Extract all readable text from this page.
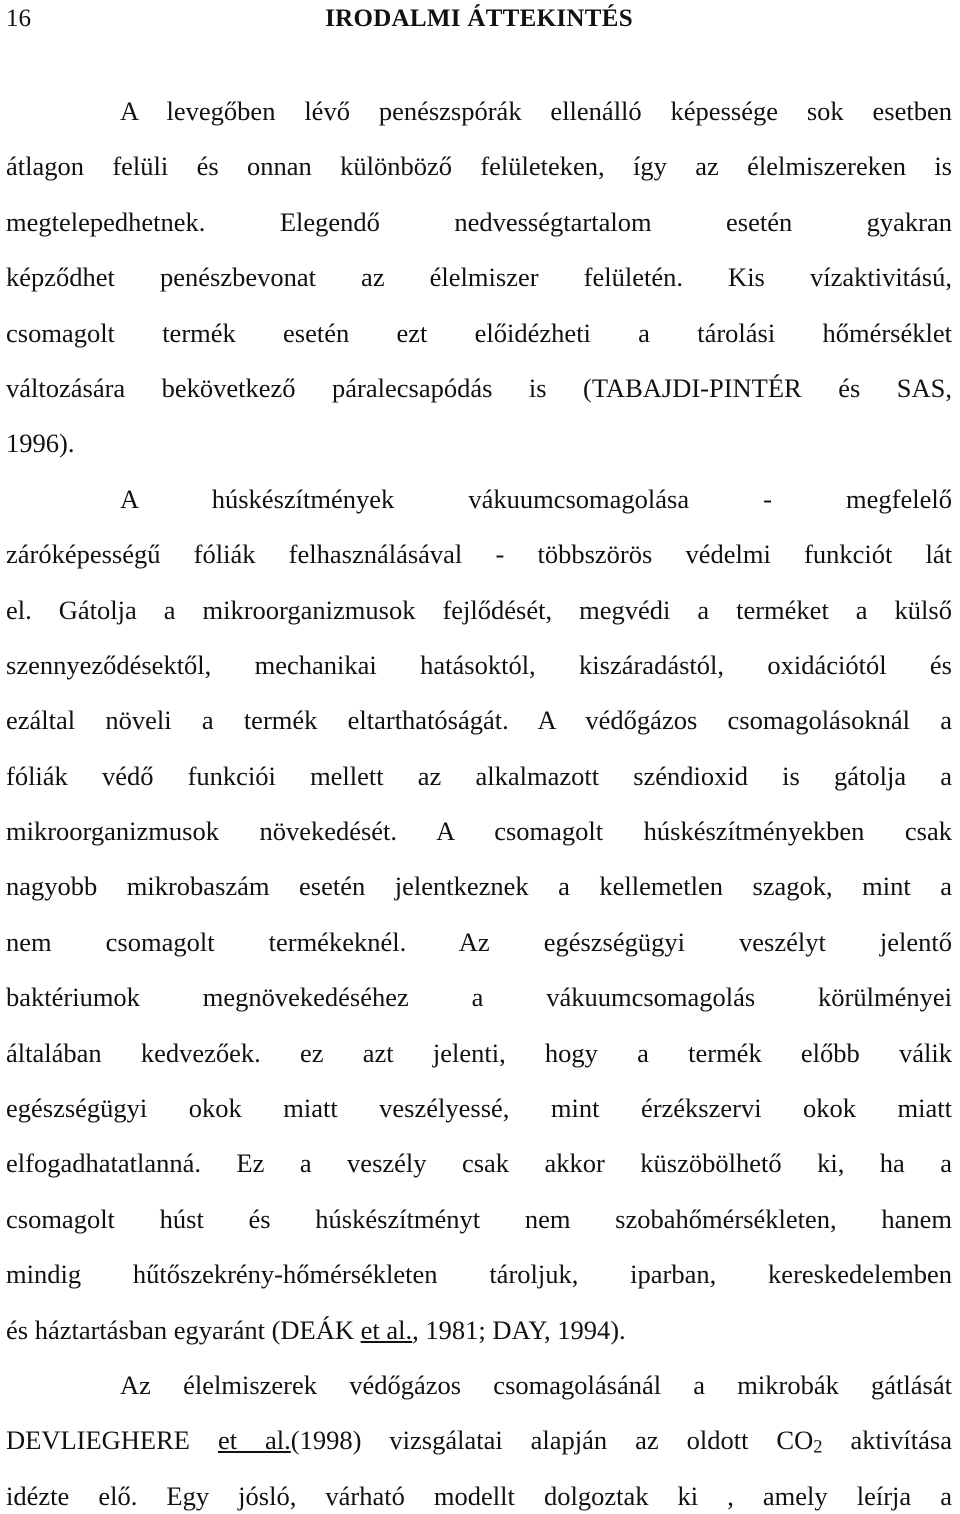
16	IRODALMI ÁTTEKINTÉS
A levegőben lévő penészspórák ellenálló képessége sok esetben
átlagon felüli és onnan különböző felületeken, így az élelmiszereken is
megtelepedhetnek. Elegendő nedvességtartalom esetén gyakran
képződhet penészbevonat az élelmiszer felületén. Kis vízaktivitású,
csomagolt termék esetén ezt előidézheti a tárolási hőmérséklet
változására bekövetkező páralecsapódás is (TABAJDI-PINTÉR és SAS,
1996).
A húskészítmények vákuumcsomagolása - megfelelő
záróképességű fóliák felhasználásával - többszörös védelmi funkciót lát
el. Gátolja a mikroorganizmusok fejlődését, megvédi a terméket a külső
szennyeződésektől, mechanikai hatásoktól, kiszáradástól, oxidációtól és
ezáltal növeli a termék eltarthatóságát. A védőgázos csomagolásoknál a
fóliák védő funkciói mellett az alkalmazott széndioxid is gátolja a
mikroorganizmusok növekedését. A csomagolt húskészítményekben csak
nagyobb mikrobaszám esetén jelentkeznek a kellemetlen szagok, mint a
nem csomagolt termékeknél. Az egészségügyi veszélyt jelentő
baktériumok megnövekedéséhez a vákuumcsomagolás körülményei
általában kedvezőek. ez azt jelenti, hogy a termék előbb válik
egészségügyi okok miatt veszélyessé, mint érzékszervi okok miatt
elfogadhatatlanná. Ez a veszély csak akkor küszöbölhető ki, ha a
csomagolt húst és húskészítményt nem szobahőmérsékleten, hanem
mindig hűtőszekrény-hőmérsékleten tároljuk, iparban, kereskedelemben
és háztartásban egyaránt (DEÁK et al., 1981; DAY, 1994).
Az élelmiszerek védőgázos csomagolásánál a mikrobák gátlását
DEVLIEGHERE et al.(1998) vizsgálatai alapján az oldott $CO_2$ aktivítása
idézte elő. Egy jósló, várható modellt dolgoztak ki , amely leírja a
